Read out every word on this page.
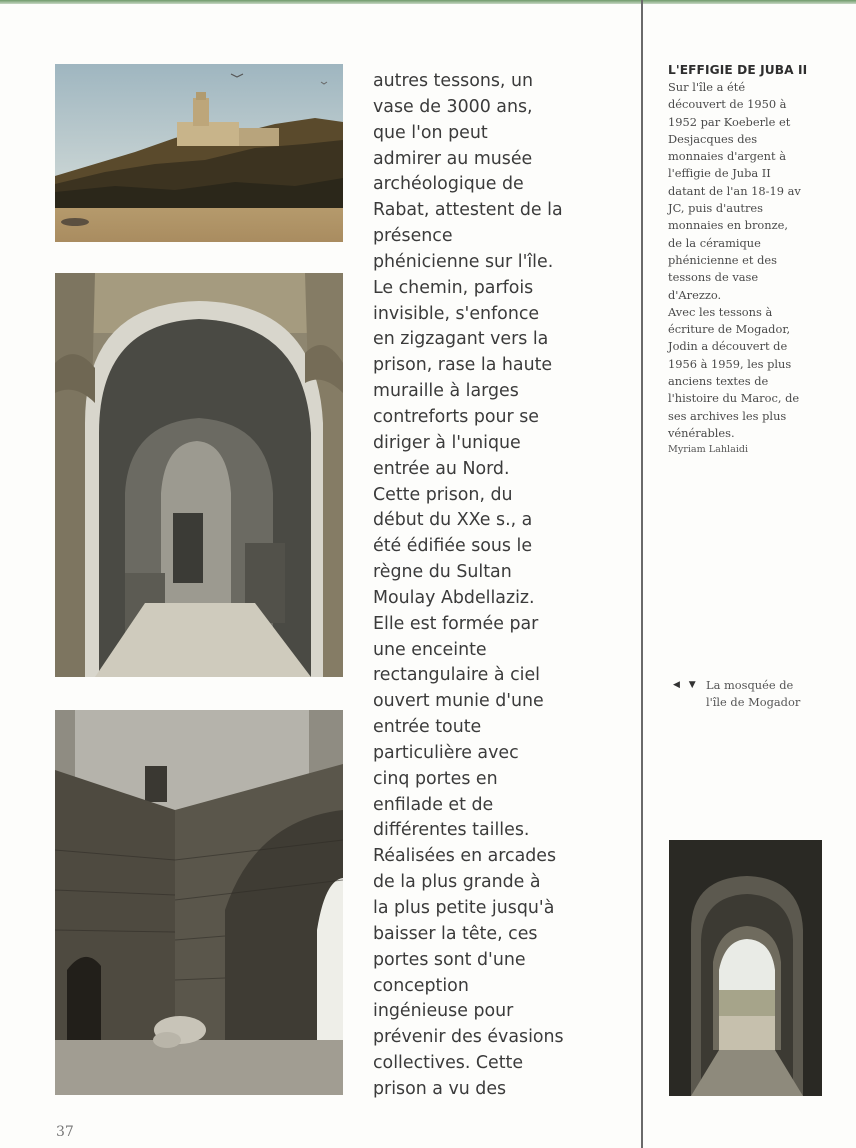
autres tessons, un
vase de 3000 ans,
que l'on peut
admirer au musée
archéologique de
Rabat, attestent de la
présence
phénicienne sur l'île.
Le chemin, parfois
invisible, s'enfonce
en zigzagant vers la
prison, rase la haute
muraille à larges
contreforts pour se
diriger à l'unique
entrée au Nord.
Cette prison, du
début du XXe s., a
été édifiée sous le
règne du Sultan
Moulay Abdellaziz.
Elle est formée par
une enceinte
rectangulaire à ciel
ouvert munie d'une
entrée toute
particulière avec
cinq portes en
enfilade et de
différentes tailles.
Réalisées en arcades
de la plus grande à
la plus petite jusqu'à
baisser la tête, ces
portes sont d'une
conception
ingénieuse pour
prévenir des évasions
collectives. Cette
prison a vu des

L'EFFIGIE DE JUBA II

Sur l'île a été
découvert de 1950 à
1952 par Koeberle et
Desjacques des
monnaies d'argent à
l'effigie de Juba II
datant de l'an 18-19 av
JC, puis d'autres
monnaies en bronze,
de la céramique
phénicienne et des
tessons de vase
d'Arezzo.
Avec les tessons à
écriture de Mogador,
Jodin a découvert de
1956 à 1959, les plus
anciens textes de
l'histoire du Maroc, de
ses archives les plus
vénérables.

Myriam Lahlaidi

◀ ▼ La mosquée de
l'île de Mogador
37
